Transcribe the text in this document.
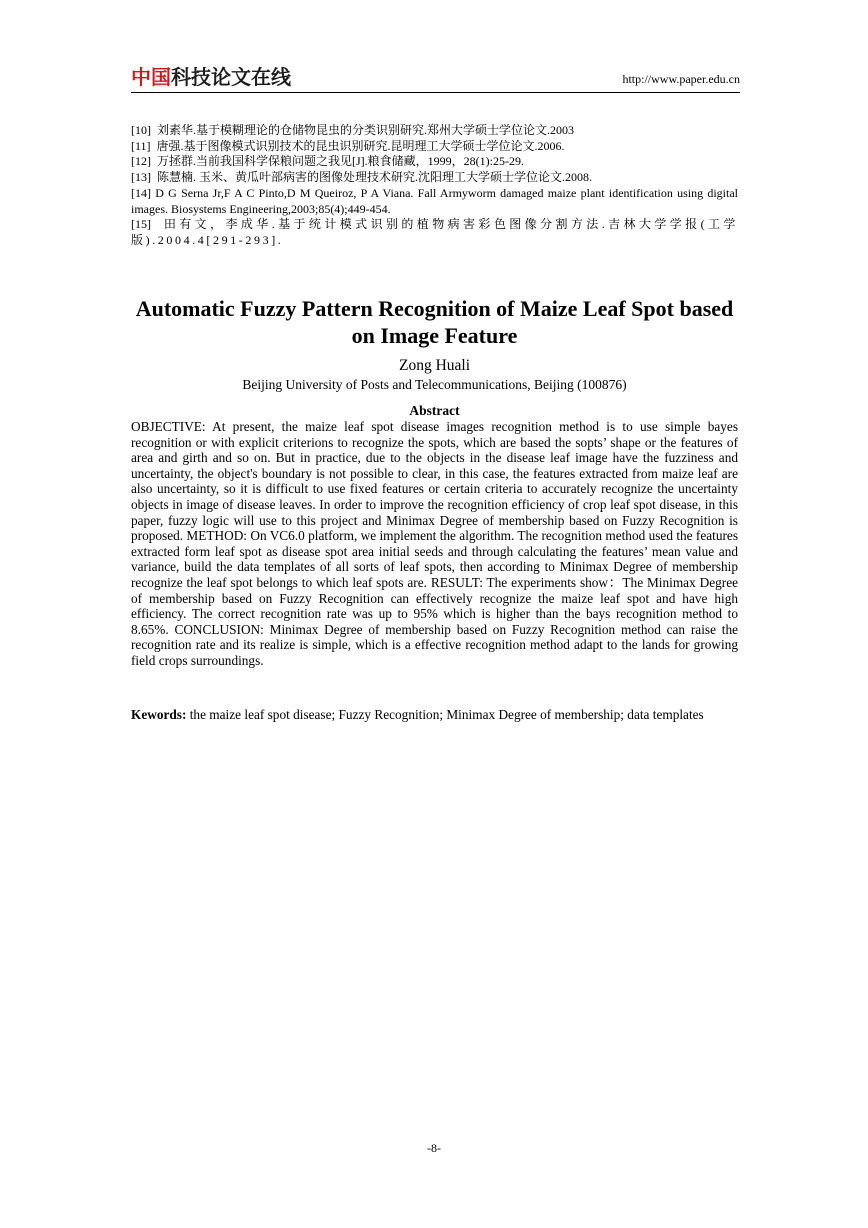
中国科技论文在线	http://www.paper.edu.cn

[10] 刘素华.基于模糊理论的仓储物昆虫的分类识别研究.郑州大学硕士学位论文.2003

[11] 唐强.基于图像模式识别技术的昆虫识别研究.昆明理工大学硕士学位论文.2006.

[12] 万拯群.当前我国科学保粮问题之我见[J].粮食储藏，1999，28(1):25-29.

[13] 陈慧楠. 玉米、黄瓜叶部病害的图像处理技术研究.沈阳理工大学硕士学位论文.2008.

[14] D G Serna Jr,F A C Pinto,D M Queiroz, P A Viana. Fall Armyworm damaged maize plant identification using digital images. Biosystems Engineering,2003;85(4);449-454.

[15] 田有文，李成华.基于统计模式识别的植物病害彩色图像分割方法.吉林大学学报(工学版).2004.4[291-293].

Automatic Fuzzy Pattern Recognition of Maize Leaf Spot based on Image Feature

Zong Huali

Beijing University of Posts and Telecommunications, Beijing (100876)

Abstract

OBJECTIVE: At present, the maize leaf spot disease images recognition method is to use simple bayes recognition or with explicit criterions to recognize the spots, which are based the sopts’ shape or the features of area and girth and so on. But in practice, due to the objects in the disease leaf image have the fuzziness and uncertainty, the object's boundary is not possible to clear, in this case, the features extracted from maize leaf are also uncertainty, so it is difficult to use fixed features or certain criteria to accurately recognize the uncertainty objects in image of disease leaves. In order to improve the recognition efficiency of crop leaf spot disease, in this paper, fuzzy logic will use to this project and Minimax Degree of membership based on Fuzzy Recognition is proposed. METHOD: On VC6.0 platform, we implement the algorithm. The recognition method used the features extracted form leaf spot as disease spot area initial seeds and through calculating the features’ mean value and variance, build the data templates of all sorts of leaf spots, then according to Minimax Degree of membership recognize the leaf spot belongs to which leaf spots are. RESULT: The experiments show：The Minimax Degree of membership based on Fuzzy Recognition can effectively recognize the maize leaf spot and have high efficiency. The correct recognition rate was up to 95% which is higher than the bays recognition method to 8.65%. CONCLUSION: Minimax Degree of membership based on Fuzzy Recognition method can raise the recognition rate and its realize is simple, which is a effective recognition method adapt to the lands for growing field crops surroundings.

Kewords: the maize leaf spot disease; Fuzzy Recognition; Minimax Degree of membership; data templates

-8-
